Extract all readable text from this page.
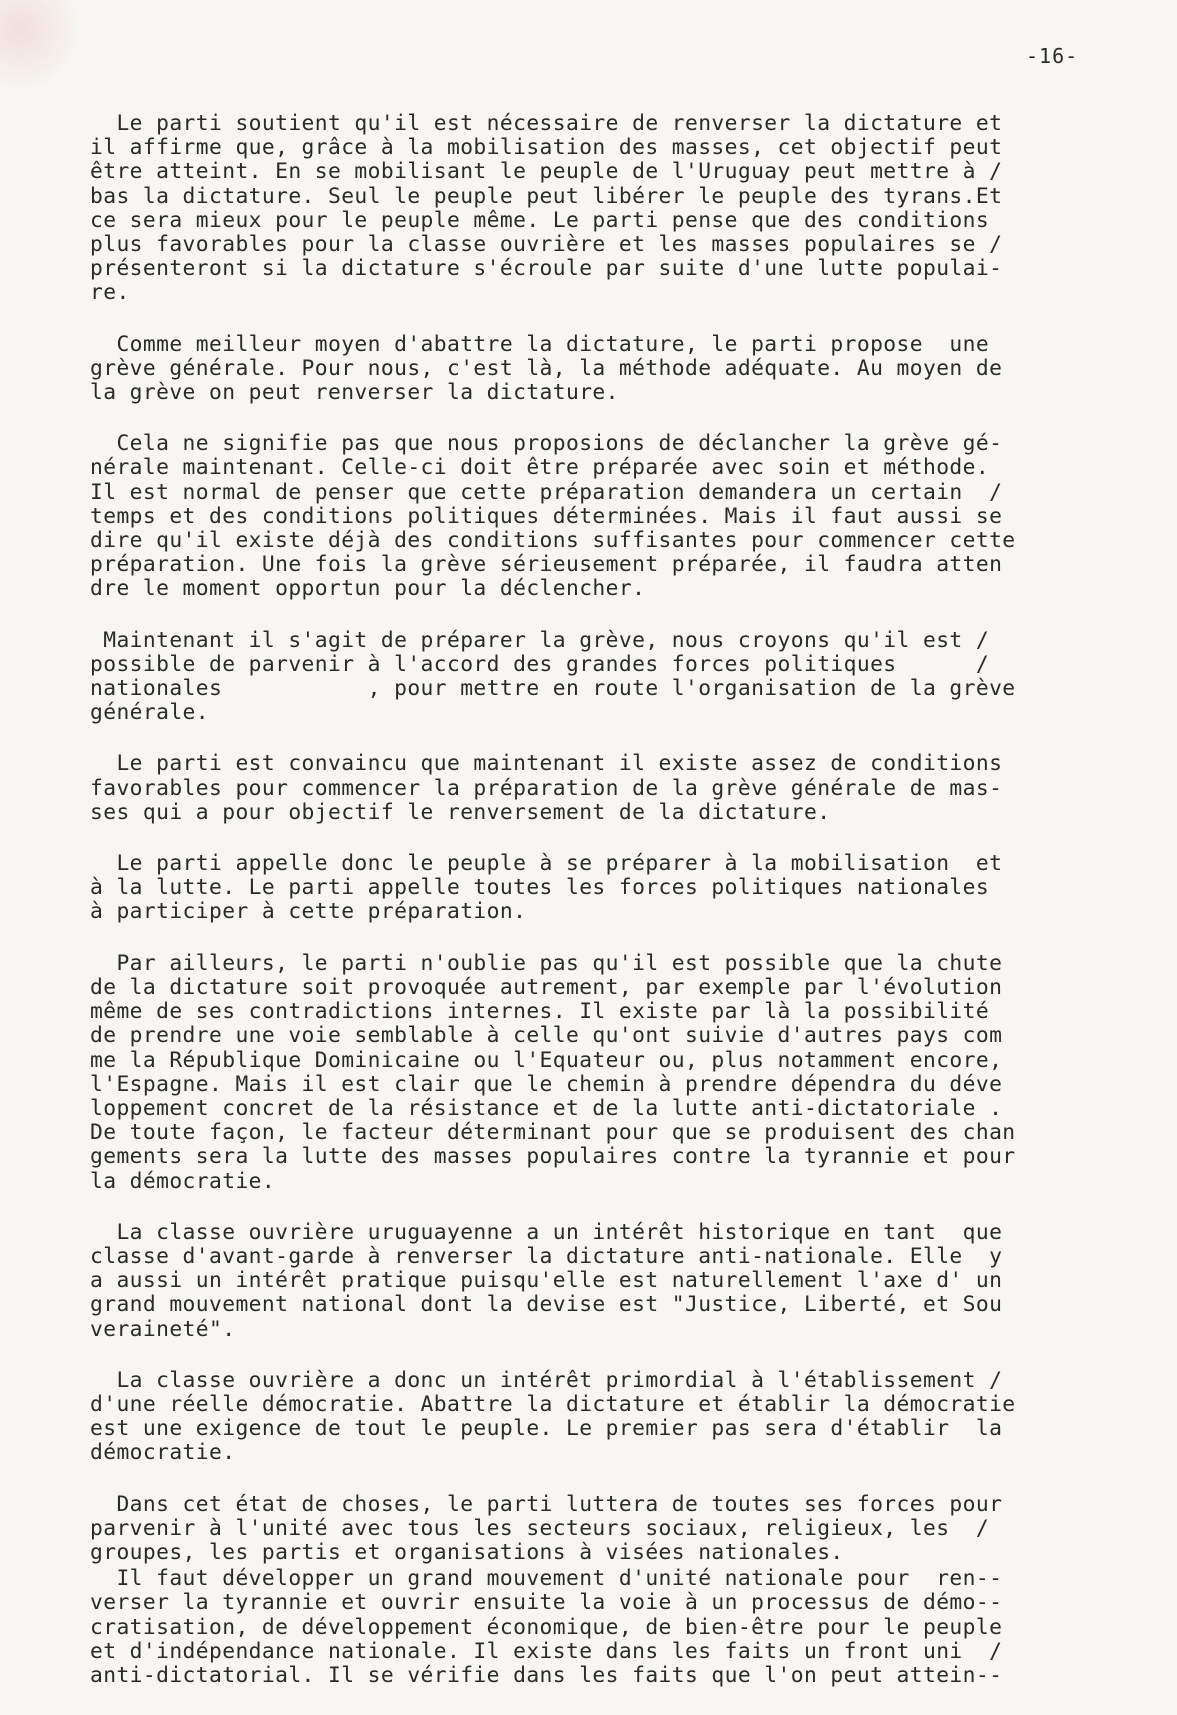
-16-
Le parti soutient qu'il est nécessaire de renverser la dictature et
il affirme que, grâce à la mobilisation des masses, cet objectif peut
être atteint. En se mobilisant le peuple de l'Uruguay peut mettre à /
bas la dictature. Seul le peuple peut libérer le peuple des tyrans.Et
ce sera mieux pour le peuple même. Le parti pense que des conditions
plus favorables pour la classe ouvrière et les masses populaires se /
présenteront si la dictature s'écroule par suite d'une lutte populai-
re.
Comme meilleur moyen d'abattre la dictature, le parti propose  une
grève générale. Pour nous, c'est là, la méthode adéquate. Au moyen de
la grève on peut renverser la dictature.
Cela ne signifie pas que nous proposions de déclancher la grève gé-
nérale maintenant. Celle-ci doit être préparée avec soin et méthode.
Il est normal de penser que cette préparation demandera un certain  /
temps et des conditions politiques déterminées. Mais il faut aussi se
dire qu'il existe déjà des conditions suffisantes pour commencer cette
préparation. Une fois la grève sérieusement préparée, il faudra atten
dre le moment opportun pour la déclencher.
Maintenant il s'agit de préparer la grève, nous croyons qu'il est /
possible de parvenir à l'accord des grandes forces politiques      /
nationales           , pour mettre en route l'organisation de la grève
générale.
Le parti est convaincu que maintenant il existe assez de conditions
favorables pour commencer la préparation de la grève générale de mas-
ses qui a pour objectif le renversement de la dictature.
Le parti appelle donc le peuple à se préparer à la mobilisation  et
à la lutte. Le parti appelle toutes les forces politiques nationales
à participer à cette préparation.
Par ailleurs, le parti n'oublie pas qu'il est possible que la chute
de la dictature soit provoquée autrement, par exemple par l'évolution
même de ses contradictions internes. Il existe par là la possibilité
de prendre une voie semblable à celle qu'ont suivie d'autres pays com
me la République Dominicaine ou l'Equateur ou, plus notamment encore,
l'Espagne. Mais il est clair que le chemin à prendre dépendra du déve
loppement concret de la résistance et de la lutte anti-dictatoriale .
De toute façon, le facteur déterminant pour que se produisent des chan
gements sera la lutte des masses populaires contre la tyrannie et pour
la démocratie.
La classe ouvrière uruguayenne a un intérêt historique en tant  que
classe d'avant-garde à renverser la dictature anti-nationale. Elle  y
a aussi un intérêt pratique puisqu'elle est naturellement l'axe d' un
grand mouvement national dont la devise est "Justice, Liberté, et Sou
veraineté".
La classe ouvrière a donc un intérêt primordial à l'établissement /
d'une réelle démocratie. Abattre la dictature et établir la démocratie
est une exigence de tout le peuple. Le premier pas sera d'établir  la
démocratie.
Dans cet état de choses, le parti luttera de toutes ses forces pour
parvenir à l'unité avec tous les secteurs sociaux, religieux, les  /
groupes, les partis et organisations à visées nationales.
Il faut développer un grand mouvement d'unité nationale pour  ren--
verser la tyrannie et ouvrir ensuite la voie à un processus de démo--
cratisation, de développement économique, de bien-être pour le peuple
et d'indépendance nationale. Il existe dans les faits un front uni  /
anti-dictatorial. Il se vérifie dans les faits que l'on peut attein--
